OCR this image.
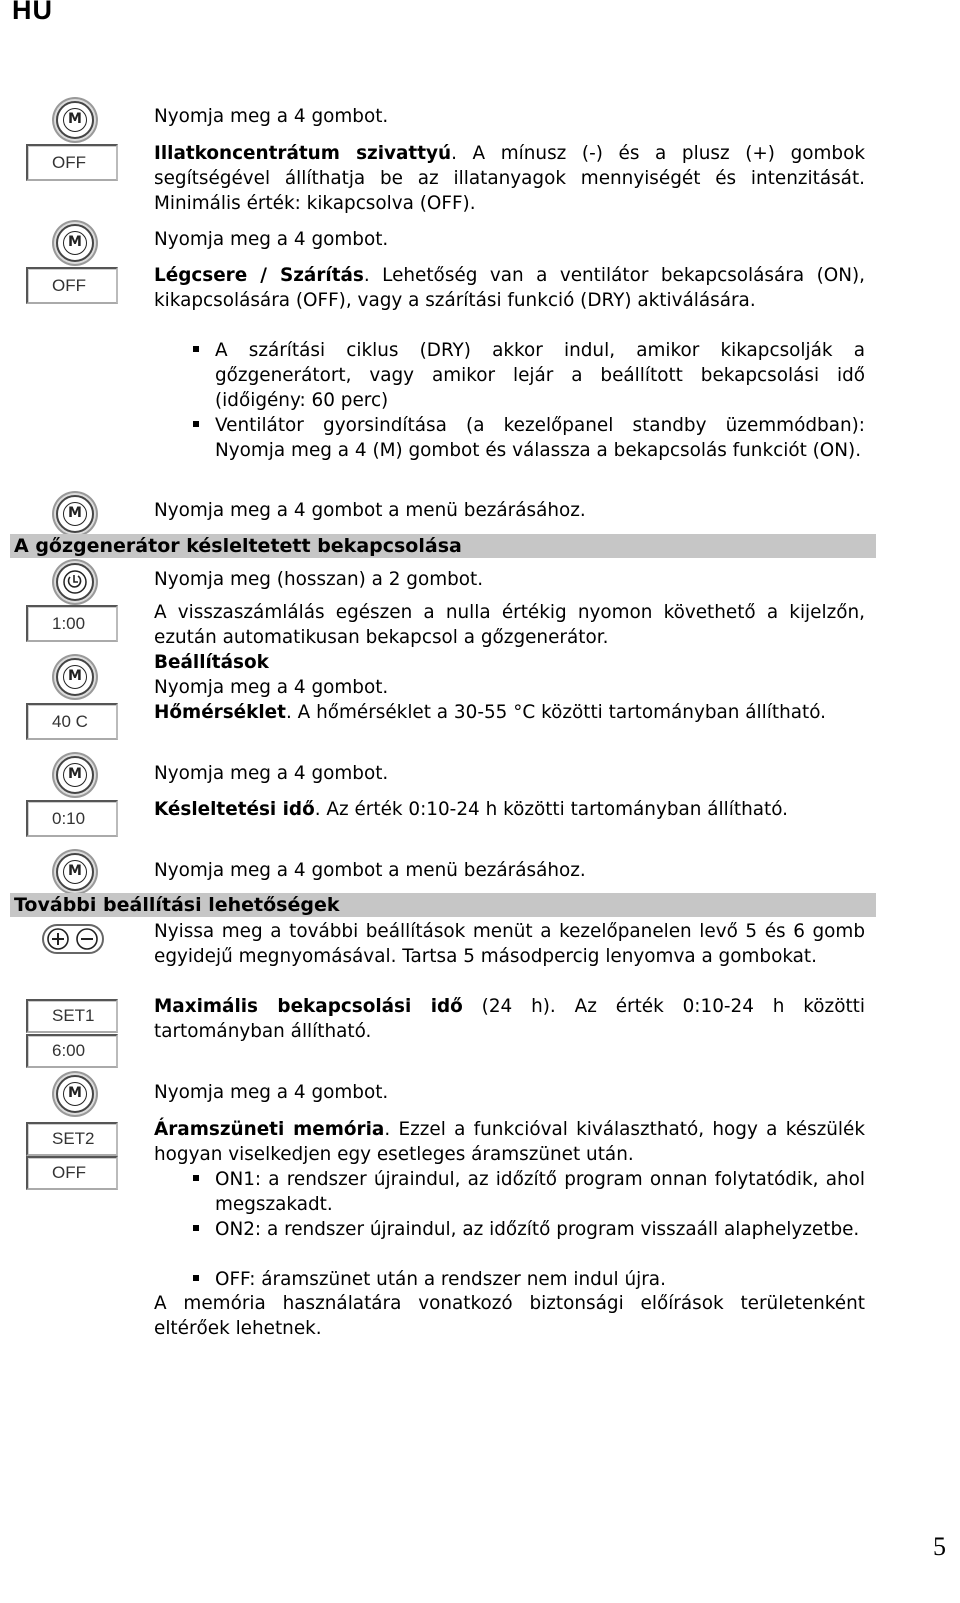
HU
M
OFF
M
OFF
M
1:00
M
40 C
M
0:10
M
SET1
6:00
M
SET2
OFF
Nyomja meg a 4 gombot.
Illatkoncentrátum szivattyú. A mínusz (-) és a plusz (+) gombok segítségével állíthatja be az illatanyagok mennyiségét és intenzitását. Minimális érték: kikapcsolva (OFF).
Nyomja meg a 4 gombot.
Légcsere / Szárítás. Lehetőség van a ventilátor bekapcsolására (ON), kikapcsolására (OFF), vagy a szárítási funkció (DRY) aktiválására.
A szárítási ciklus (DRY) akkor indul, amikor kikapcsolják a gőzgenerátort, vagy amikor lejár a beállított bekapcsolási idő (időigény: 60 perc)
Ventilátor gyorsindítása (a kezelőpanel standby üzemmódban): Nyomja meg a 4 (M) gombot és válassza a bekapcsolás funkciót (ON).
Nyomja meg a 4 gombot a menü bezárásához.
A gőzgenerátor késleltetett bekapcsolása
Nyomja meg (hosszan) a 2 gombot.
A visszaszámlálás egészen a nulla értékig nyomon követhető a kijelzőn, ezután automatikusan bekapcsol a gőzgenerátor.
Beállítások
Nyomja meg a 4 gombot.
Hőmérséklet. A hőmérséklet a 30-55 °C közötti tartományban állítható.
Nyomja meg a 4 gombot.
Késleltetési idő. Az érték 0:10-24 h közötti tartományban állítható.
Nyomja meg a 4 gombot a menü bezárásához.
További beállítási lehetőségek
Nyissa meg a további beállítások menüt a kezelőpanelen levő 5 és 6 gomb egyidejű megnyomásával. Tartsa 5 másodpercig lenyomva a gombokat.
Maximális bekapcsolási idő (24 h). Az érték 0:10-24 h közötti tartományban állítható.
Nyomja meg a 4 gombot.
Áramszüneti memória. Ezzel a funkcióval kiválasztható, hogy a készülék hogyan viselkedjen egy esetleges áramszünet után.
ON1: a rendszer újraindul, az időzítő program onnan folytatódik, ahol megszakadt.
ON2: a rendszer újraindul, az időzítő program visszaáll alaphelyzetbe.
OFF: áramszünet után a rendszer nem indul újra.
A memória használatára vonatkozó biztonsági előírások területenként eltérőek lehetnek.
5
